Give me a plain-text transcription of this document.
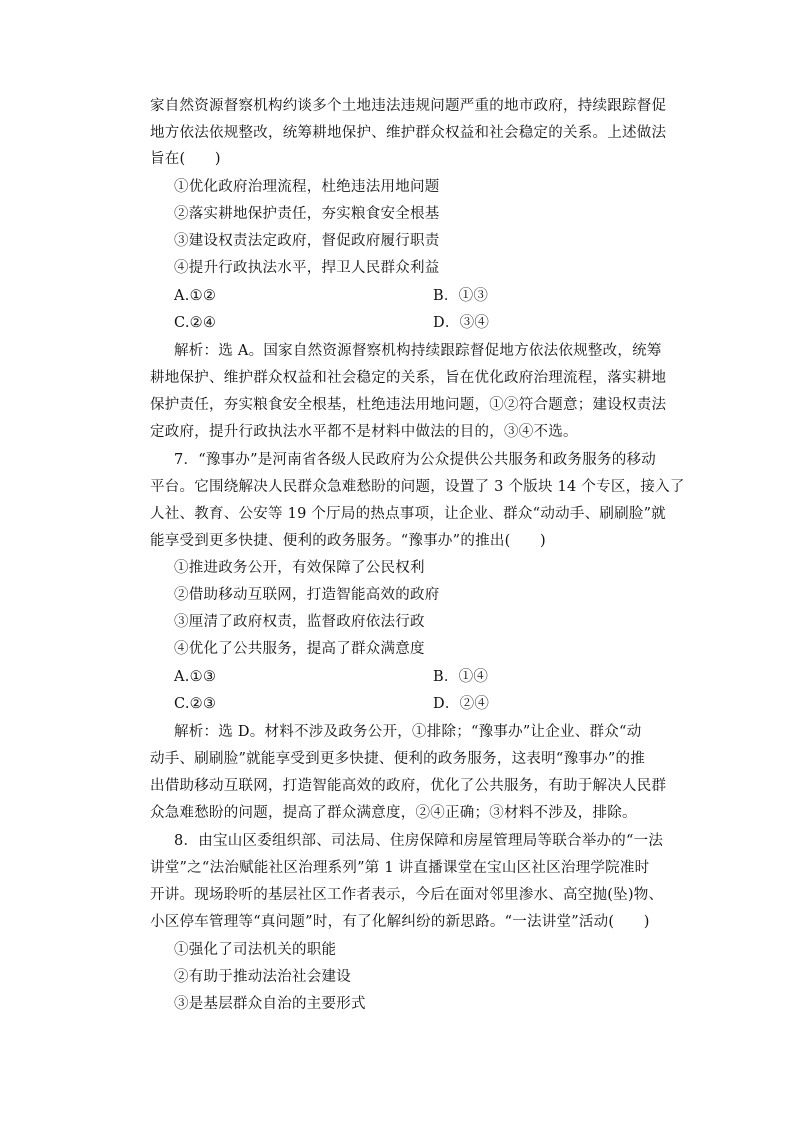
家自然资源督察机构约谈多个土地违法违规问题严重的地市政府，持续跟踪督促
地方依法依规整改，统筹耕地保护、维护群众权益和社会稳定的关系。上述做法
旨在(　　)
①优化政府治理流程，杜绝违法用地问题
②落实耕地保护责任，夯实粮食安全根基
③建设权责法定政府，督促政府履行职责
④提升行政执法水平，捍卫人民群众利益
A.①②	B．①③
C.②④	D．③④
解析：选 A。国家自然资源督察机构持续跟踪督促地方依法依规整改，统筹
耕地保护、维护群众权益和社会稳定的关系，旨在优化政府治理流程，落实耕地
保护责任，夯实粮食安全根基，杜绝违法用地问题，①②符合题意；建设权责法
定政府，提升行政执法水平都不是材料中做法的目的，③④不选。
7．“豫事办”是河南省各级人民政府为公众提供公共服务和政务服务的移动
平台。它围绕解决人民群众急难愁盼的问题，设置了 3 个版块 14 个专区，接入了
人社、教育、公安等 19 个厅局的热点事项，让企业、群众“动动手、刷刷脸”就
能享受到更多快捷、便利的政务服务。“豫事办”的推出(　　)
①推进政务公开，有效保障了公民权利
②借助移动互联网，打造智能高效的政府
③厘清了政府权责，监督政府依法行政
④优化了公共服务，提高了群众满意度
A.①③	B．①④
C.②③	D．②④
解析：选 D。材料不涉及政务公开，①排除；“豫事办”让企业、群众“动
动手、刷刷脸”就能享受到更多快捷、便利的政务服务，这表明“豫事办”的推
出借助移动互联网，打造智能高效的政府，优化了公共服务，有助于解决人民群
众急难愁盼的问题，提高了群众满意度，②④正确；③材料不涉及，排除。
8．由宝山区委组织部、司法局、住房保障和房屋管理局等联合举办的“一法
讲堂”之“法治赋能社区治理系列”第 1 讲直播课堂在宝山区社区治理学院准时
开讲。现场聆听的基层社区工作者表示，今后在面对邻里渗水、高空抛(坠)物、
小区停车管理等“真问题”时，有了化解纠纷的新思路。“一法讲堂”活动(　　)
①强化了司法机关的职能
②有助于推动法治社会建设
③是基层群众自治的主要形式
